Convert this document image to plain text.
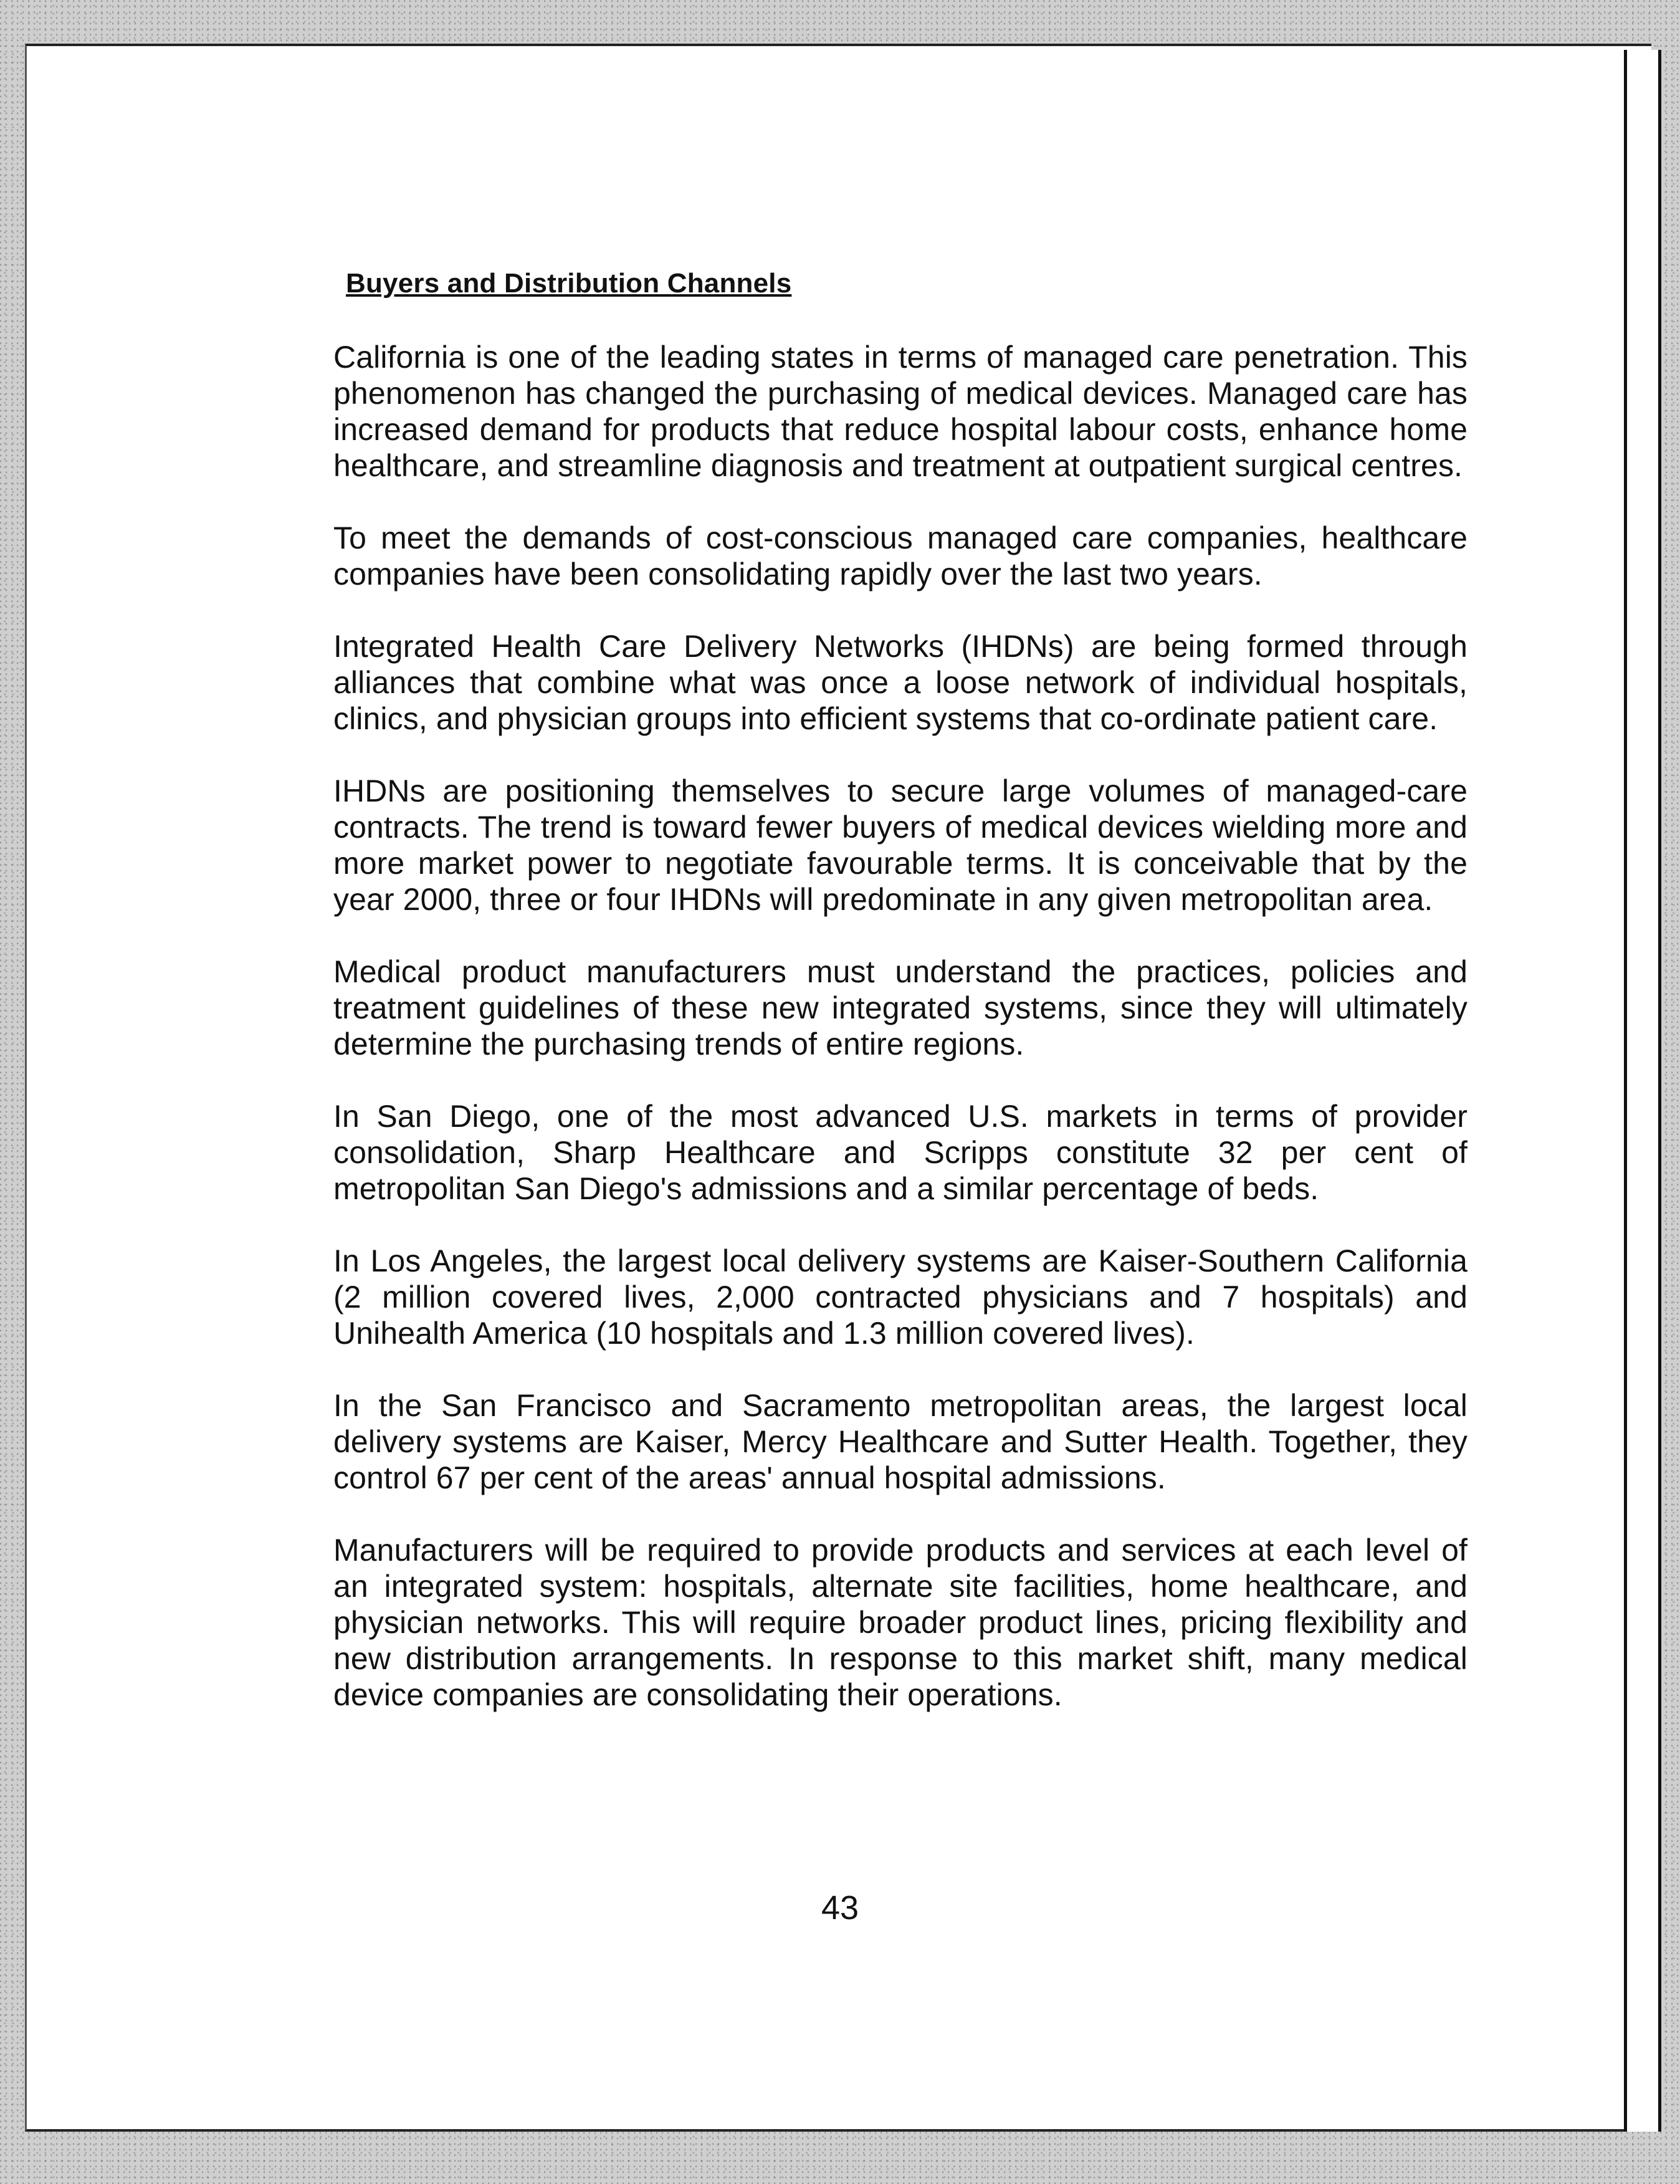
Buyers and Distribution Channels

California is one of the leading states in terms of managed care penetration. This phenomenon has changed the purchasing of medical devices. Managed care has increased demand for products that reduce hospital labour costs, enhance home healthcare, and streamline diagnosis and treatment at outpatient surgical centres.

To meet the demands of cost-conscious managed care companies, healthcare companies have been consolidating rapidly over the last two years.

Integrated Health Care Delivery Networks (IHDNs) are being formed through alliances that combine what was once a loose network of individual hospitals, clinics, and physician groups into efficient systems that co-ordinate patient care.

IHDNs are positioning themselves to secure large volumes of managed-care contracts. The trend is toward fewer buyers of medical devices wielding more and more market power to negotiate favourable terms. It is conceivable that by the year 2000, three or four IHDNs will predominate in any given metropolitan area.

Medical product manufacturers must understand the practices, policies and treatment guidelines of these new integrated systems, since they will ultimately determine the purchasing trends of entire regions.

In San Diego, one of the most advanced U.S. markets in terms of provider consolidation, Sharp Healthcare and Scripps constitute 32 per cent of metropolitan San Diego's admissions and a similar percentage of beds.

In Los Angeles, the largest local delivery systems are Kaiser-Southern California (2 million covered lives, 2,000 contracted physicians and 7 hospitals) and Unihealth America (10 hospitals and 1.3 million covered lives).

In the San Francisco and Sacramento metropolitan areas, the largest local delivery systems are Kaiser, Mercy Healthcare and Sutter Health. Together, they control 67 per cent of the areas' annual hospital admissions.

Manufacturers will be required to provide products and services at each level of an integrated system: hospitals, alternate site facilities, home healthcare, and physician networks. This will require broader product lines, pricing flexibility and new distribution arrangements. In response to this market shift, many medical device companies are consolidating their operations.

43
